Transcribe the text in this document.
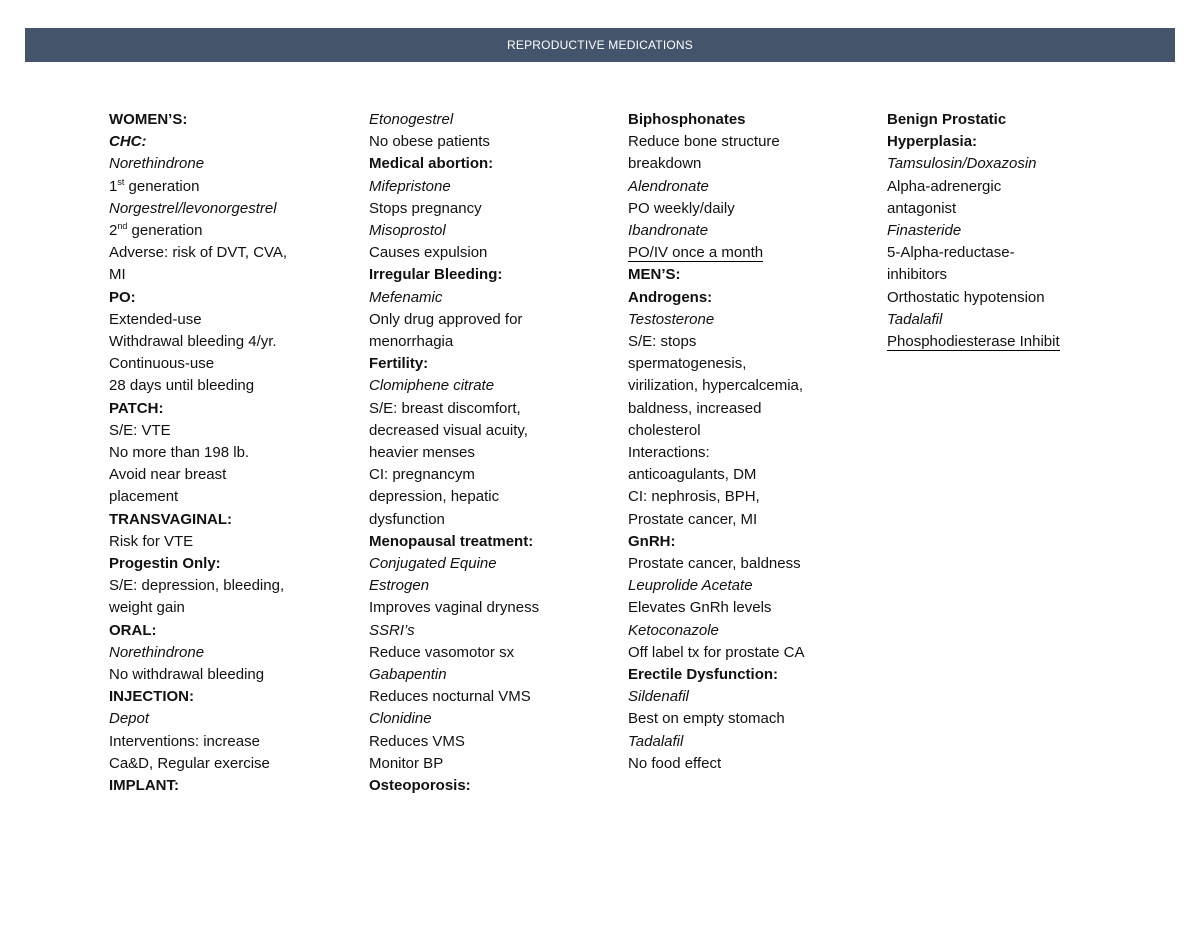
REPRODUCTIVE MEDICATIONS
WOMEN’S:
CHC:
Norethindrone
1st generation
Norgestrel/levonorgestrel
2nd generation
Adverse: risk of DVT, CVA,
MI
PO:
Extended-use
Withdrawal bleeding 4/yr.
Continuous-use
28 days until bleeding
PATCH:
S/E: VTE
No more than 198 lb.
Avoid near breast
placement
TRANSVAGINAL:
Risk for VTE
Progestin Only:
S/E: depression, bleeding,
weight gain
ORAL:
Norethindrone
No withdrawal bleeding
INJECTION:
Depot
Interventions: increase
Ca&D, Regular exercise
IMPLANT:
Etonogestrel
No obese patients
Medical abortion:
Mifepristone
Stops pregnancy
Misoprostol
Causes expulsion
Irregular Bleeding:
Mefenamic
Only drug approved for
menorrhagia
Fertility:
Clomiphene citrate
S/E: breast discomfort,
decreased visual acuity,
heavier menses
CI: pregnancym
depression, hepatic
dysfunction
Menopausal treatment:
Conjugated Equine
Estrogen
Improves vaginal dryness
SSRI’s
Reduce vasomotor sx
Gabapentin
Reduces nocturnal VMS
Clonidine
Reduces VMS
Monitor BP
Osteoporosis:
Biphosphonates
Reduce bone structure
breakdown
Alendronate
PO weekly/daily
Ibandronate
PO/IV once a month
MEN’S:
Androgens:
Testosterone
S/E: stops
spermatogenesis,
virilization, hypercalcemia,
baldness, increased
cholesterol
Interactions:
anticoagulants, DM
CI: nephrosis, BPH,
Prostate cancer, MI
GnRH:
Prostate cancer, baldness
Leuprolide Acetate
Elevates GnRh levels
Ketoconazole
Off label tx for prostate CA
Erectile Dysfunction:
Sildenafil
Best on empty stomach
Tadalafil
No food effect
Benign Prostatic
Hyperplasia:
Tamsulosin/Doxazosin
Alpha-adrenergic
antagonist
Finasteride
5-Alpha-reductase-
inhibitors
Orthostatic hypotension
Tadalafil
Phosphodiesterase Inhibit
